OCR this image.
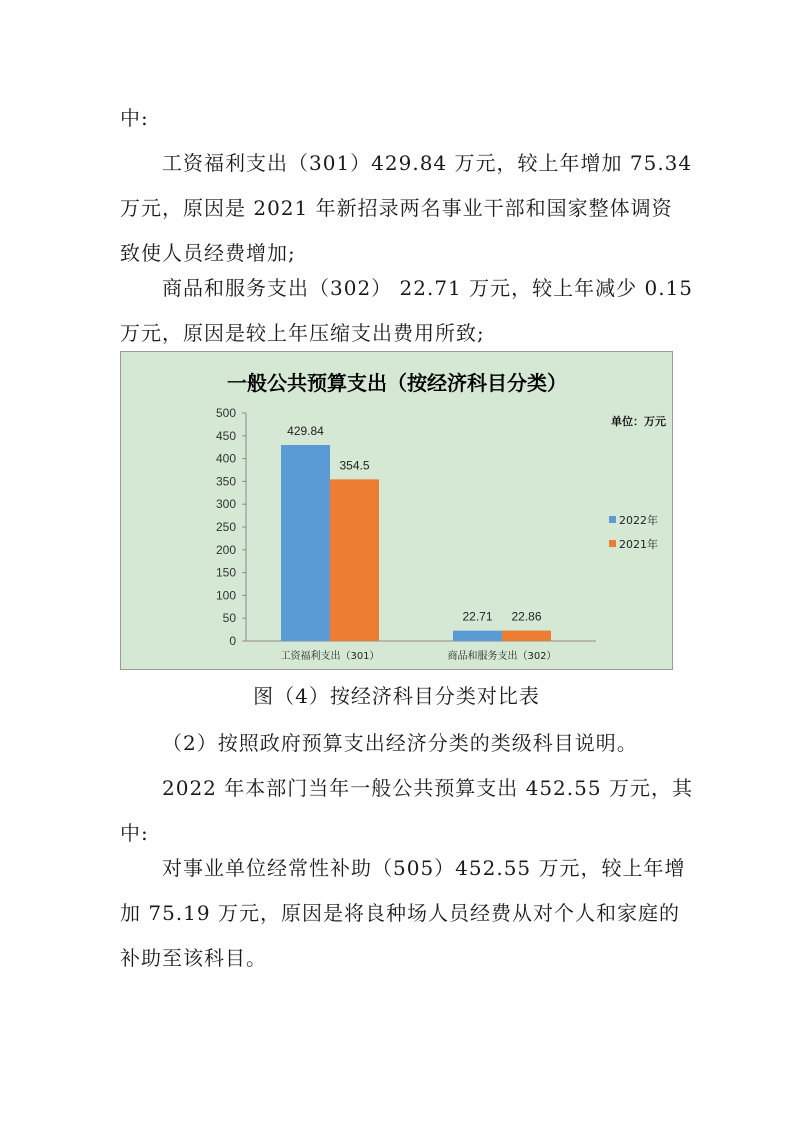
中:
工资福利支出（301）429.84 万元，较上年增加 75.34
万元，原因是 2021 年新招录两名事业干部和国家整体调资
致使人员经费增加;
商品和服务支出（302） 22.71 万元，较上年减少 0.15
万元，原因是较上年压缩支出费用所致;
一般公共预算支出（按经济科目分类）
单位：万元
0
50
100
150
200
250
300
350
400
450
500
429.84
354.5
22.71 22.86
工资福利支出（301）	商品和服务支出（302）
2022年
2021年
图（4）按经济科目分类对比表
（2）按照政府预算支出经济分类的类级科目说明。
2022 年本部门当年一般公共预算支出 452.55 万元，其
中:
对事业单位经常性补助（505）452.55 万元，较上年增
加 75.19 万元，原因是将良种场人员经费从对个人和家庭的
补助至该科目。
